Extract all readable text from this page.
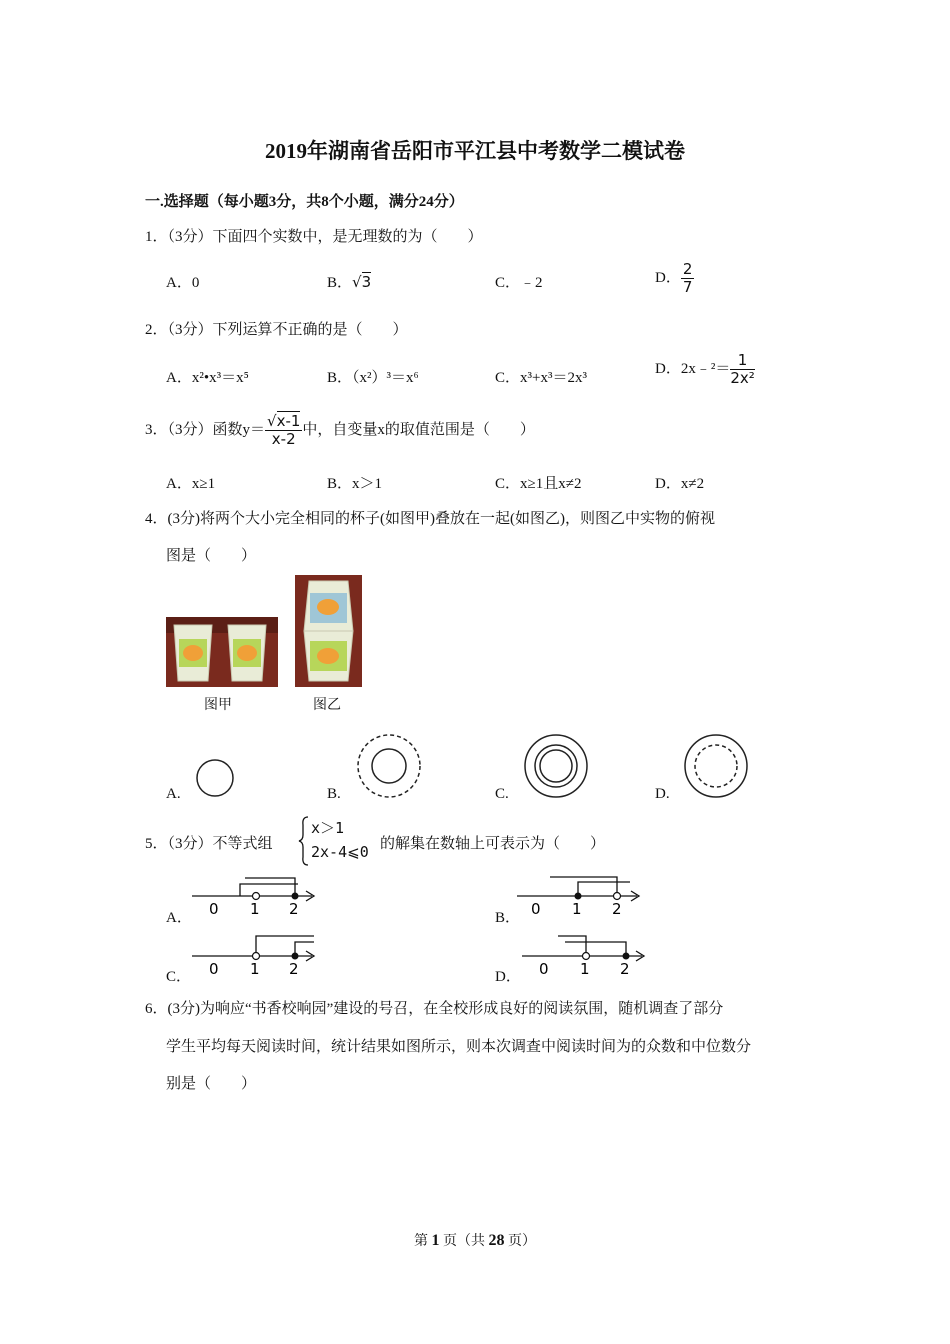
2019年湖南省岳阳市平江县中考数学二模试卷
一.选择题（每小题3分，共8个小题，满分24分）
1．（3分）下面四个实数中，是无理数的为（　　）
A．0	B．√3	C．﹣2	D． $\frac{2}{7}$
2．（3分）下列运算不正确的是（　　）
A．x²•x³＝x⁵	B．（x²）³＝x⁶	C．x³+x³＝2x³
D．2x﹣²＝ $\frac{1}{\text{2x²}}$
3．（3分）函数$y= \frac{√x-1}{x-2}$ 中，自变量x的取值范围是（　　）
A．x≥1	B．x＞1	C．x≥1且x≠2	D．x≠2
4．(3分)将两个大小完全相同的杯子(如图甲)叠放在一起(如图乙)，则图乙中实物的俯视
图是（　　）
图甲	图乙
A.	B.	C.	D.
5．（3分）不等式组
x＞1
2x-4⩽0 的解集在数轴上可表示为（　　）
A．	B．
C．	D．
0 1 2	0 1 2
0 1 2	0 1 2
6．(3分)为响应“书香校响园”建设的号召，在全校形成良好的阅读氛围，随机调查了部分
学生平均每天阅读时间，统计结果如图所示，则本次调查中阅读时间为的众数和中位数分
别是（　　）
第 1 页（共 28 页）
